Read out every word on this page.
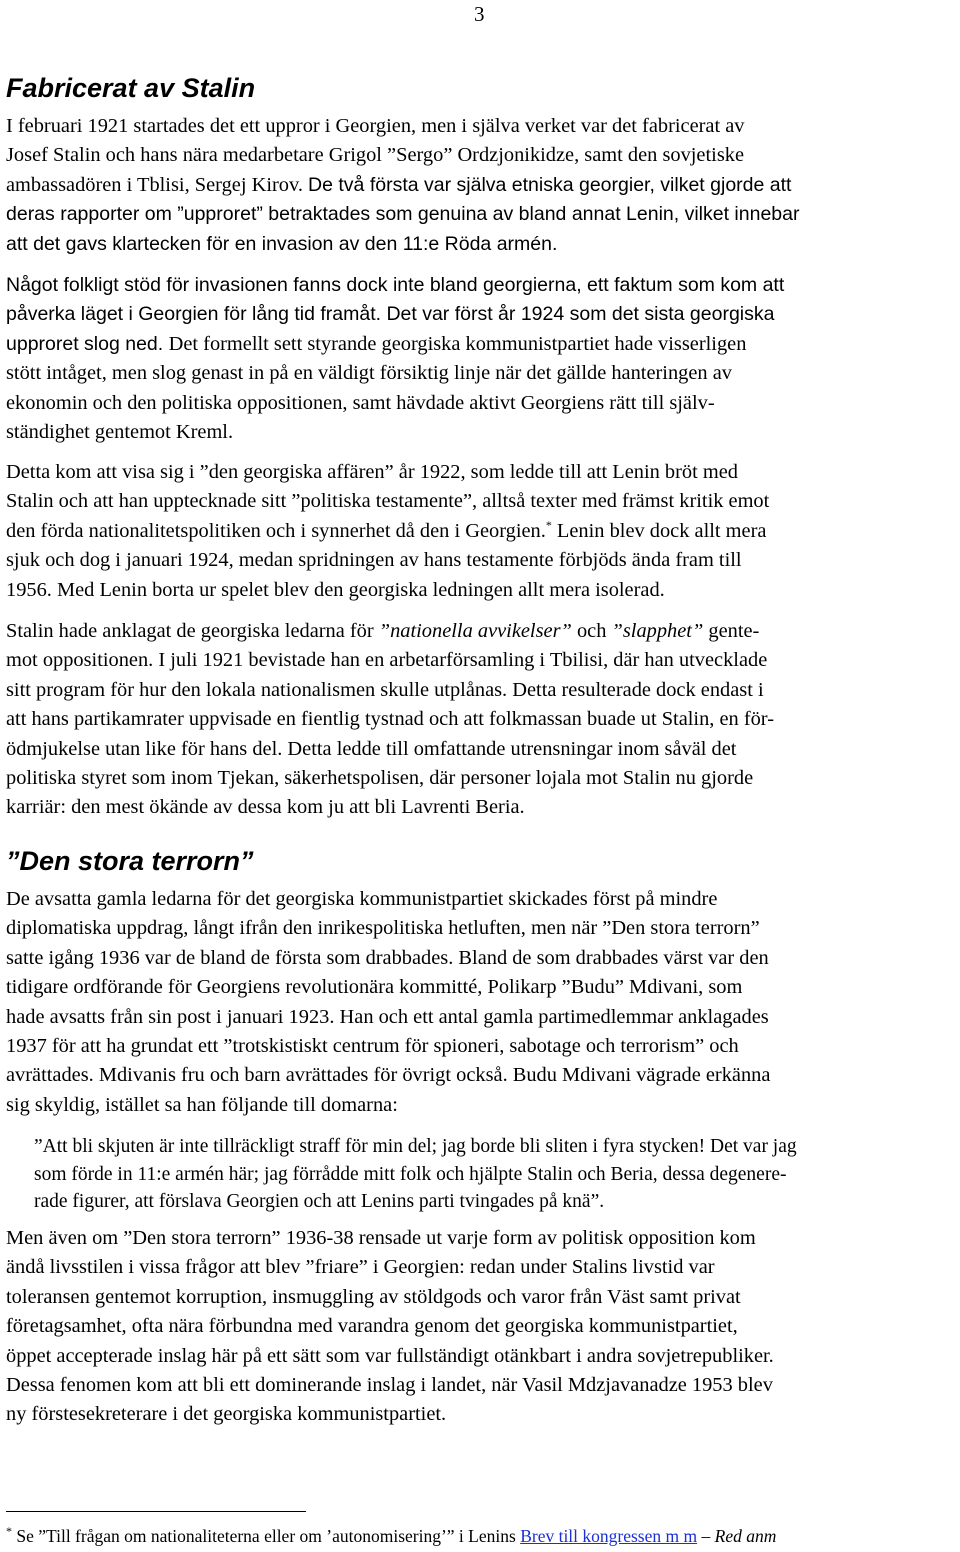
3
Fabricerat av Stalin
I februari 1921 startades det ett uppror i Georgien, men i själva verket var det fabricerat av
Josef Stalin och hans nära medarbetare Grigol ”Sergo” Ordzjonikidze, samt den sovjetiske
ambassadören i Tblisi, Sergej Kirov. De två första var själva etniska georgier, vilket gjorde att
deras rapporter om ”upproret” betraktades som genuina av bland annat Lenin, vilket innebar
att det gavs klartecken för en invasion av den 11:e Röda armén.
Något folkligt stöd för invasionen fanns dock inte bland georgierna, ett faktum som kom att
påverka läget i Georgien för lång tid framåt. Det var först år 1924 som det sista georgiska
upproret slog ned. Det formellt sett styrande georgiska kommunistpartiet hade visserligen
stött intåget, men slog genast in på en väldigt försiktig linje när det gällde hanteringen av
ekonomin och den politiska oppositionen, samt hävdade aktivt Georgiens rätt till själv-
ständighet gentemot Kreml.
Detta kom att visa sig i ”den georgiska affären” år 1922, som ledde till att Lenin bröt med
Stalin och att han upptecknade sitt ”politiska testamente”, alltså texter med främst kritik emot
den förda nationalitetspolitiken och i synnerhet då den i Georgien.* Lenin blev dock allt mera
sjuk och dog i januari 1924, medan spridningen av hans testamente förbjöds ända fram till
1956. Med Lenin borta ur spelet blev den georgiska ledningen allt mera isolerad.
Stalin hade anklagat de georgiska ledarna för ”nationella avvikelser” och ”slapphet” gente-
mot oppositionen. I juli 1921 bevistade han en arbetarförsamling i Tbilisi, där han utvecklade
sitt program för hur den lokala nationalismen skulle utplånas. Detta resulterade dock endast i
att hans partikamrater uppvisade en fientlig tystnad och att folkmassan buade ut Stalin, en för-
ödmjukelse utan like för hans del. Detta ledde till omfattande utrensningar inom såväl det
politiska styret som inom Tjekan, säkerhetspolisen, där personer lojala mot Stalin nu gjorde
karriär: den mest ökände av dessa kom ju att bli Lavrenti Beria.
”Den stora terrorn”
De avsatta gamla ledarna för det georgiska kommunistpartiet skickades först på mindre
diplomatiska uppdrag, långt ifrån den inrikespolitiska hetluften, men när ”Den stora terrorn”
satte igång 1936 var de bland de första som drabbades. Bland de som drabbades värst var den
tidigare ordförande för Georgiens revolutionära kommitté, Polikarp ”Budu” Mdivani, som
hade avsatts från sin post i januari 1923. Han och ett antal gamla partimedlemmar anklagades
1937 för att ha grundat ett ”trotskistiskt centrum för spioneri, sabotage och terrorism” och
avrättades. Mdivanis fru och barn avrättades för övrigt också. Budu Mdivani vägrade erkänna
sig skyldig, istället sa han följande till domarna:
”Att bli skjuten är inte tillräckligt straff för min del; jag borde bli sliten i fyra stycken! Det var jag
som förde in 11:e armén här; jag förrådde mitt folk och hjälpte Stalin och Beria, dessa degenere-
rade figurer, att förslava Georgien och att Lenins parti tvingades på knä”.
Men även om ”Den stora terrorn” 1936-38 rensade ut varje form av politisk opposition kom
ändå livsstilen i vissa frågor att blev ”friare” i Georgien: redan under Stalins livstid var
toleransen gentemot korruption, insmuggling av stöldgods och varor från Väst samt privat
företagsamhet, ofta nära förbundna med varandra genom det georgiska kommunistpartiet,
öppet accepterade inslag här på ett sätt som var fullständigt otänkbart i andra sovjetrepubliker.
Dessa fenomen kom att bli ett dominerande inslag i landet, när Vasil Mdzjavanadze 1953 blev
ny förstesekreterare i det georgiska kommunistpartiet.

* Se ”Till frågan om nationaliteterna eller om ’autonomisering’” i Lenins Brev till kongressen m m – Red anm
